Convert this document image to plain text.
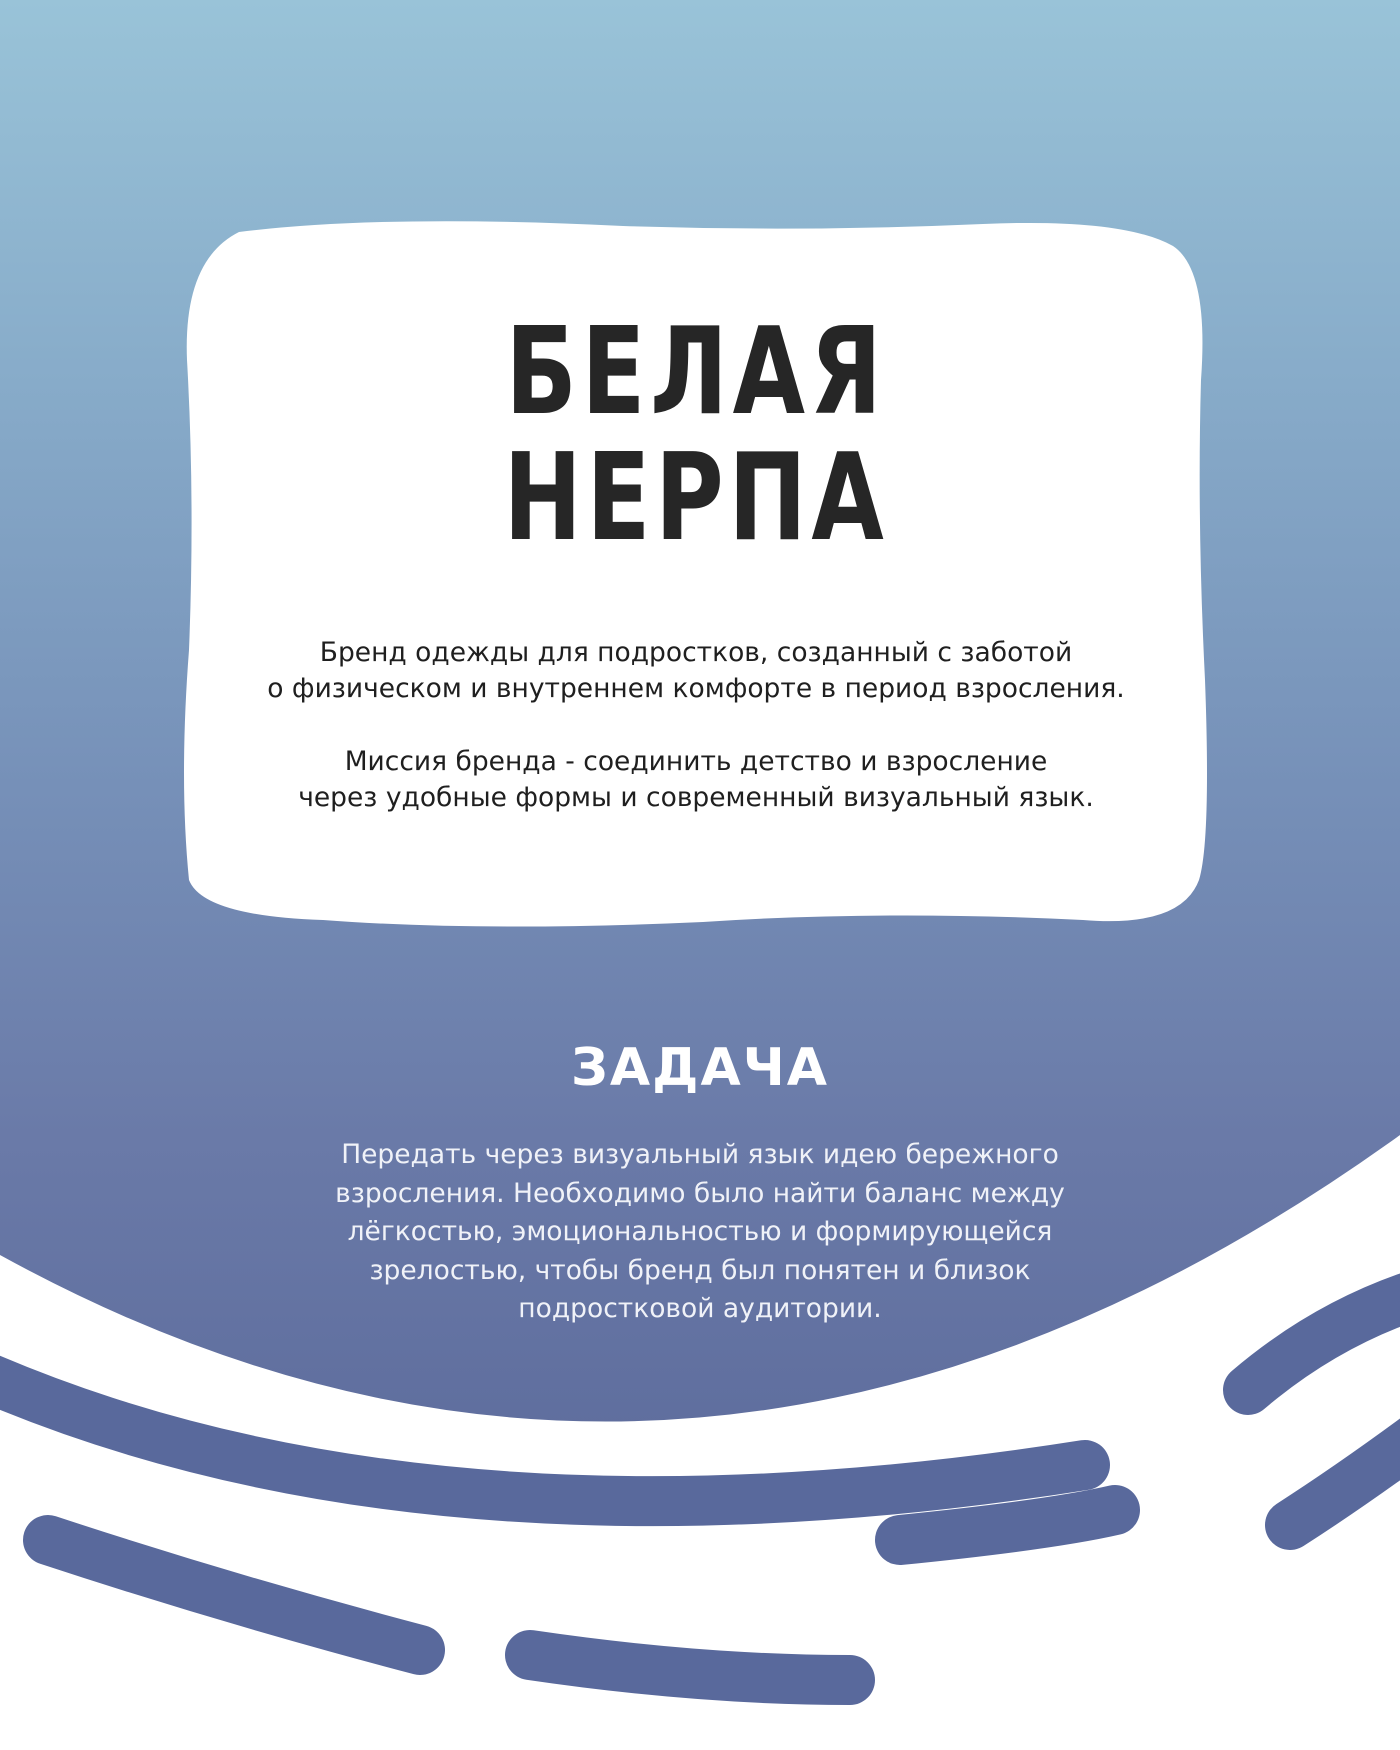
БЕЛАЯ
НЕРПА
Бренд одежды для подростков, созданный с заботой
о физическом и внутреннем комфорте в период взросления.
Миссия бренда - соединить детство и взросление
через удобные формы и современный визуальный язык.
ЗАДАЧА
Передать через визуальный язык идею бережного
взросления. Необходимо было найти баланс между
лёгкостью, эмоциональностью и формирующейся
зрелостью, чтобы бренд был понятен и близок
подростковой аудитории.
